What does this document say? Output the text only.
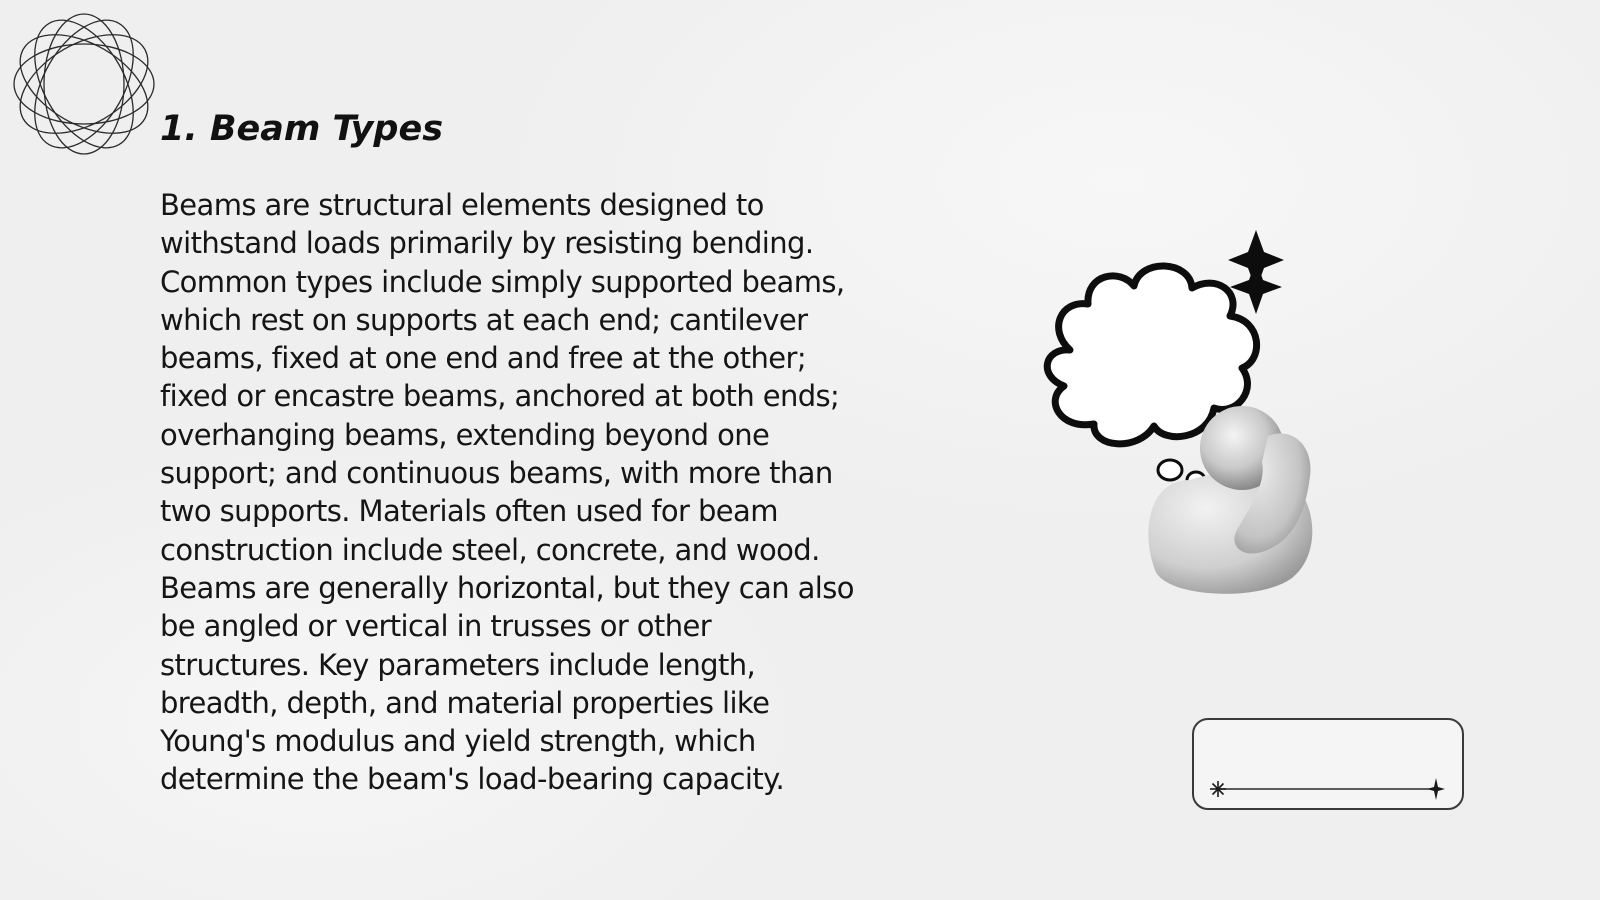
1. Beam Types

Beams are structural elements designed to withstand loads primarily by resisting bending. Common types include simply supported beams, which rest on supports at each end; cantilever beams, fixed at one end and free at the other; fixed or encastre beams, anchored at both ends; overhanging beams, extending beyond one support; and continuous beams, with more than two supports. Materials often used for beam construction include steel, concrete, and wood. Beams are generally horizontal, but they can also be angled or vertical in trusses or other structures. Key parameters include length, breadth, depth, and material properties like Young's modulus and yield strength, which determine the beam's load-bearing capacity.
